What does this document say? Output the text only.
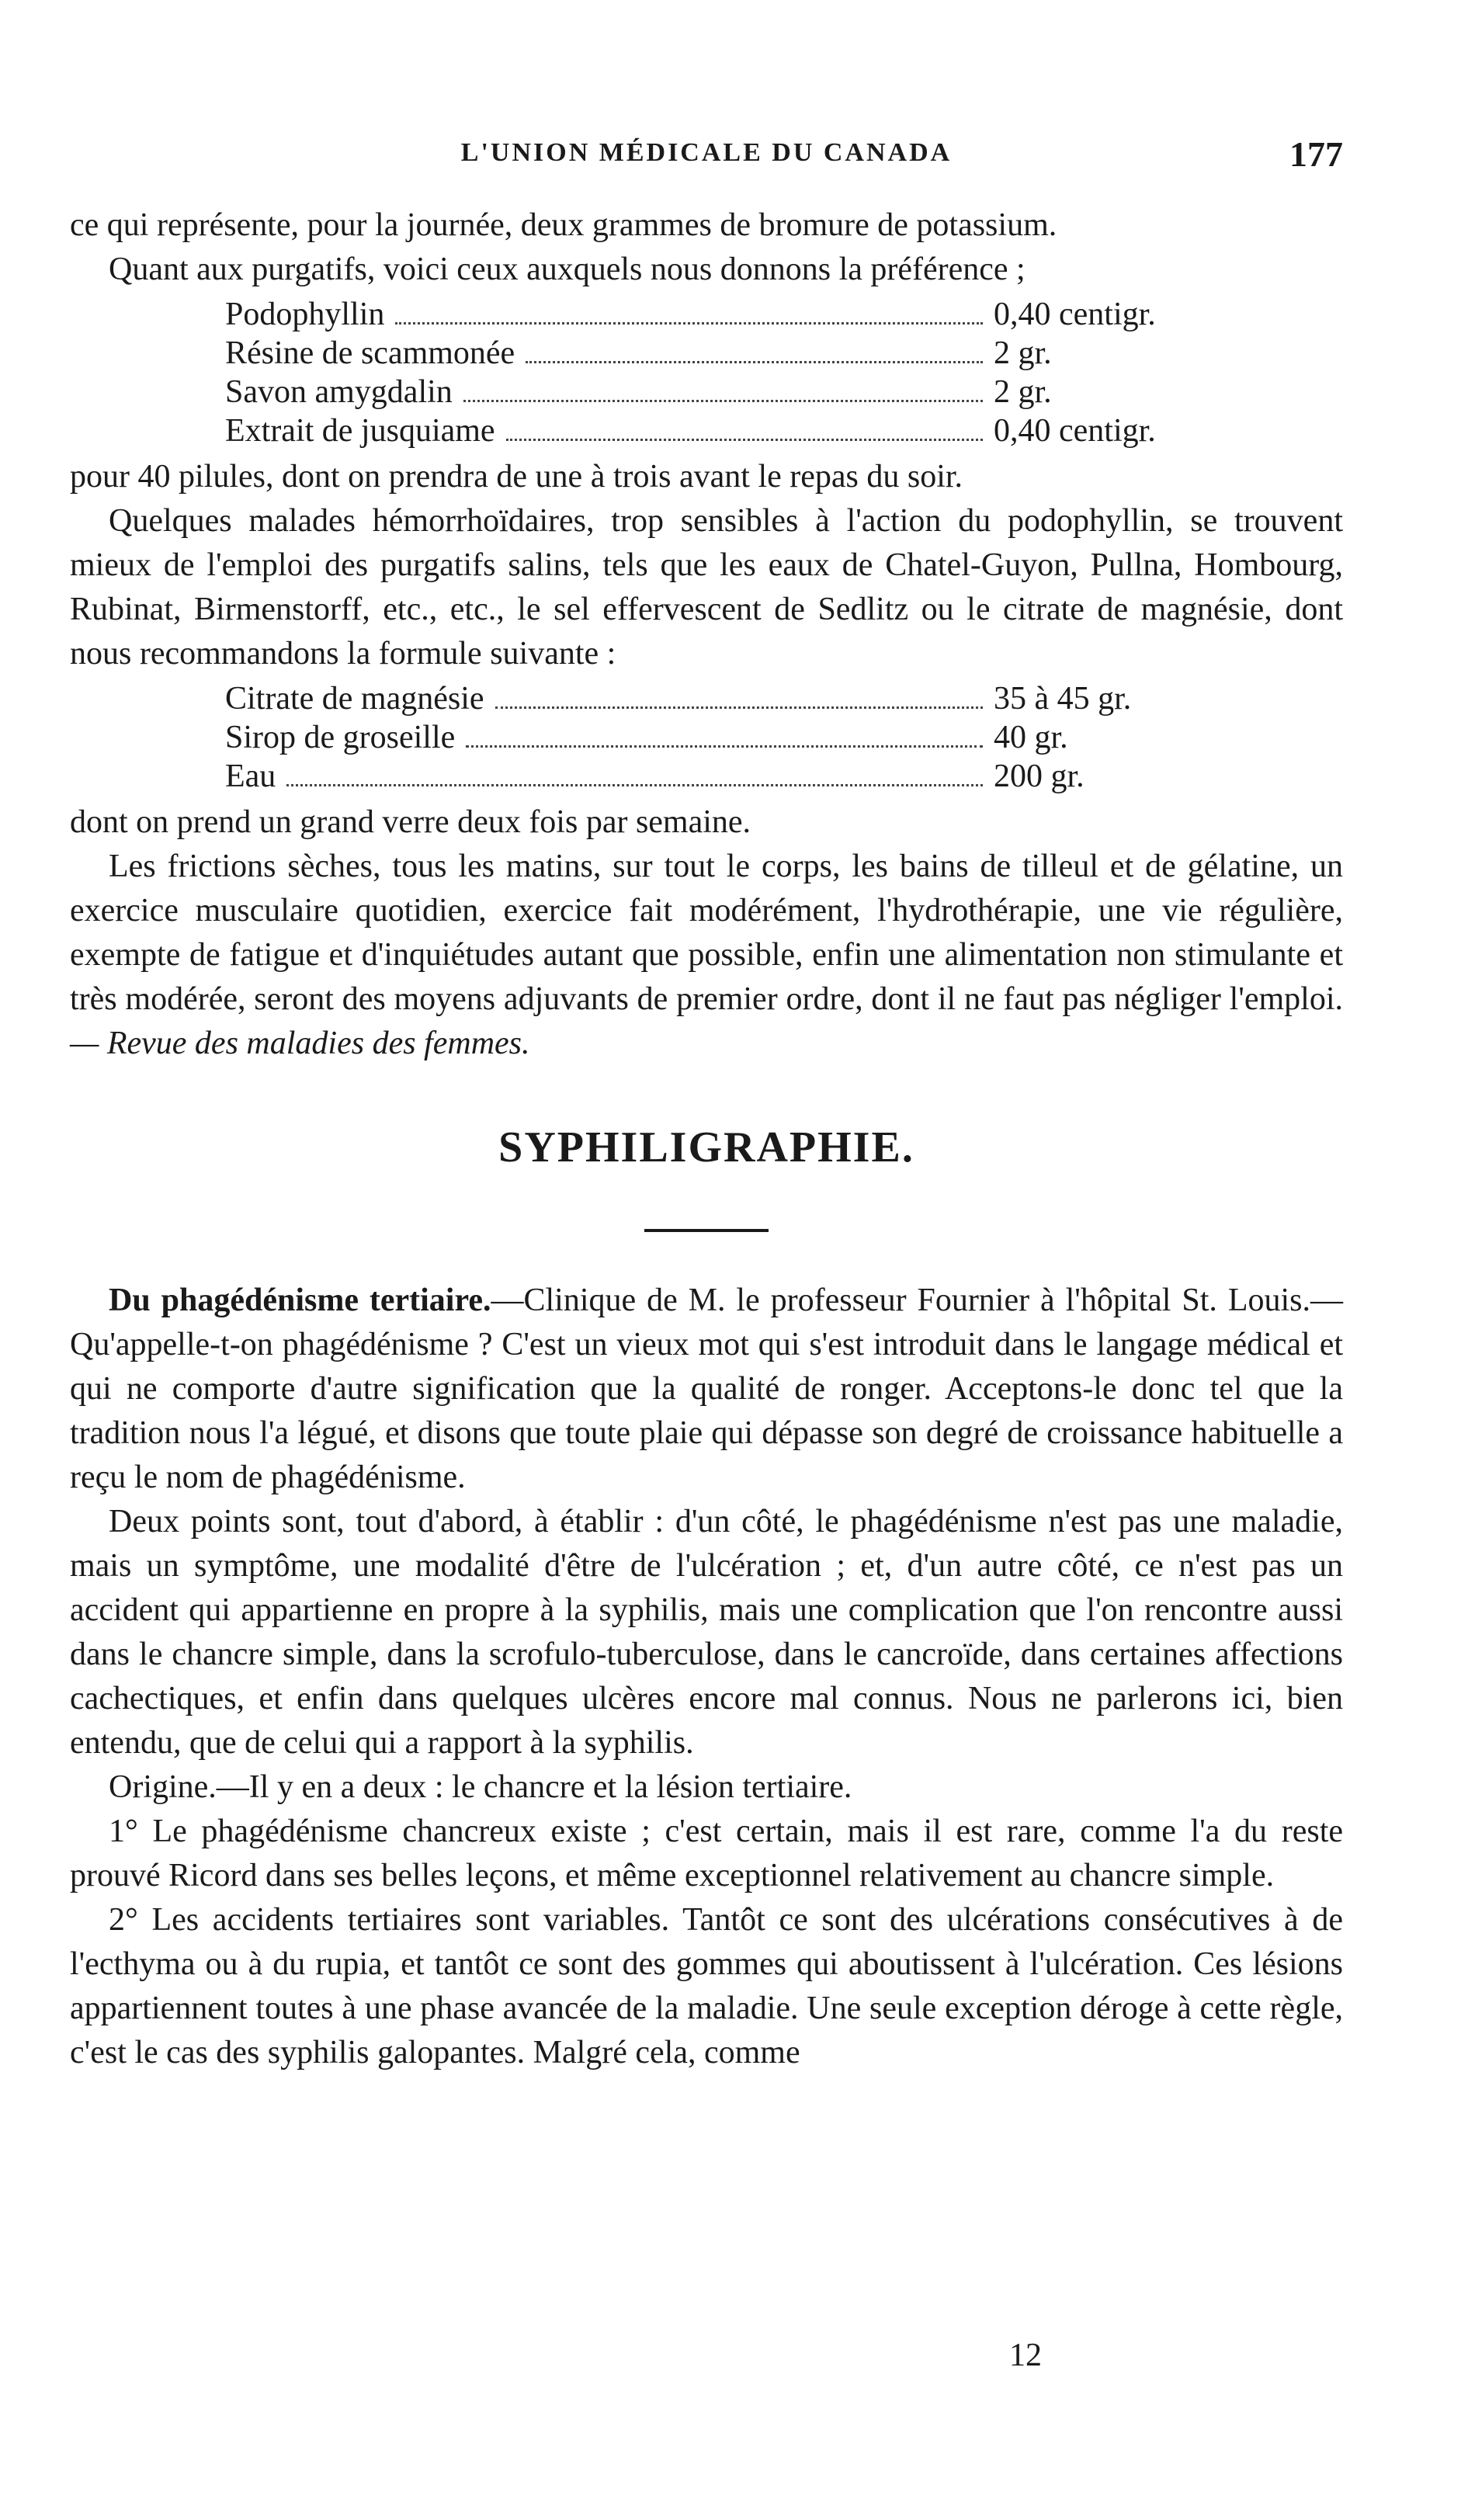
L'UNION MÉDICALE DU CANADA	177

ce qui représente, pour la journée, deux grammes de bromure de potassium.

Quant aux purgatifs, voici ceux auxquels nous donnons la préférence ;

Podophyllin	0,40 centigr.
Résine de scammonée	2 gr.
Savon amygdalin	2 gr.
Extrait de jusquiame	0,40 centigr.

pour 40 pilules, dont on prendra de une à trois avant le repas du soir.

Quelques malades hémorrhoïdaires, trop sensibles à l'action du podophyllin, se trouvent mieux de l'emploi des purgatifs salins, tels que les eaux de Chatel-Guyon, Pullna, Hombourg, Rubinat, Birmenstorff, etc., etc., le sel effervescent de Sedlitz ou le citrate de magnésie, dont nous recommandons la formule suivante :

Citrate de magnésie	35 à 45 gr.
Sirop de groseille	40 gr.
Eau	200 gr.

dont on prend un grand verre deux fois par semaine.

Les frictions sèches, tous les matins, sur tout le corps, les bains de tilleul et de gélatine, un exercice musculaire quotidien, exercice fait modérément, l'hydrothérapie, une vie régulière, exempte de fatigue et d'inquiétudes autant que possible, enfin une alimentation non stimulante et très modérée, seront des moyens adjuvants de premier ordre, dont il ne faut pas négliger l'emploi. — Revue des maladies des femmes.

SYPHILIGRAPHIE.

Du phagédénisme tertiaire.—Clinique de M. le professeur Fournier à l'hôpital St. Louis.—Qu'appelle-t-on phagédénisme ? C'est un vieux mot qui s'est introduit dans le langage médical et qui ne comporte d'autre signification que la qualité de ronger. Acceptons-le donc tel que la tradition nous l'a légué, et disons que toute plaie qui dépasse son degré de croissance habituelle a reçu le nom de phagédénisme.

Deux points sont, tout d'abord, à établir : d'un côté, le phagédénisme n'est pas une maladie, mais un symptôme, une modalité d'être de l'ulcération ; et, d'un autre côté, ce n'est pas un accident qui appartienne en propre à la syphilis, mais une complication que l'on rencontre aussi dans le chancre simple, dans la scrofulo-tuberculose, dans le cancroïde, dans certaines affections cachectiques, et enfin dans quelques ulcères encore mal connus. Nous ne parlerons ici, bien entendu, que de celui qui a rapport à la syphilis.

Origine.—Il y en a deux : le chancre et la lésion tertiaire.

1° Le phagédénisme chancreux existe ; c'est certain, mais il est rare, comme l'a du reste prouvé Ricord dans ses belles leçons, et même exceptionnel relativement au chancre simple.

2° Les accidents tertiaires sont variables. Tantôt ce sont des ulcérations consécutives à de l'ecthyma ou à du rupia, et tantôt ce sont des gommes qui aboutissent à l'ulcération. Ces lésions appartiennent toutes à une phase avancée de la maladie. Une seule exception déroge à cette règle, c'est le cas des syphilis galopantes. Malgré cela, comme

12
